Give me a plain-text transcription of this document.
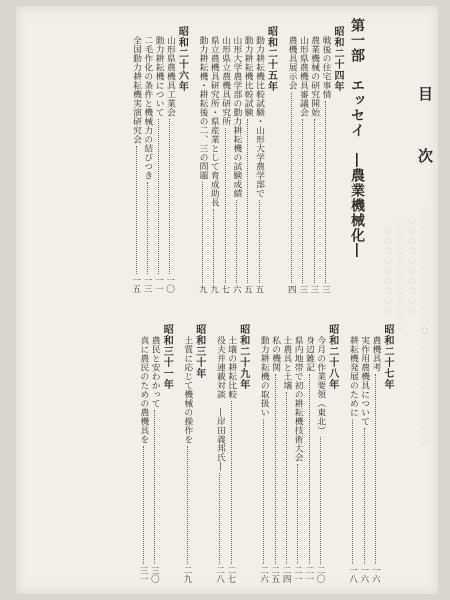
目　次
第一部　エッセイ　―農業機械化―
○○○○○○○○○○○○○
○○○○○○○○○○
○○○○○○○○○○○
○○○○○○○○○
○○○○○○○○○○○○
昭和二十四年
戦後の住宅事情
三
農業機械の研究開始
三
山形県農機具審議会
三
農機具展示会
四
昭和二十五年
動力耕耘機比較試験・山形大学農学部で
五
動力耕耘機比較試験
五
山形大学農学部の動力耕耘機の試験成績
六
山形県立農機具研究所
七
県立農機具研究所・県産業として育成助長
九
動力耕耘機・耕耘後の二、三の問題
九
昭和二十六年
山形県農機具工業会
一〇
動力耕耘機について
一一
二毛作化の条件と機械力の結びつき
一三
全国動力耕耘機実演研究会
一五
昭和二十七年
農機具考
一六
実作用農機具について
一六
耕耘機発展のために
一八
昭和二十八年
今月の作業要領（東北）
二〇
身辺雑記
二一
県内地帯で初の耕耘機技術大会
二一
土農具と土壌
二四
私の機関
二五
動力耕耘機の取扱い
二六
昭和二十九年
土壌の耕耘比較
二七
役夫井連載対談　―岸田義邦氏―
二八
昭和三十年
土質に応じて機械の操作を
二九
昭和三十一年
農民と安わかって
三〇
真に農民のための農機具を
三一
